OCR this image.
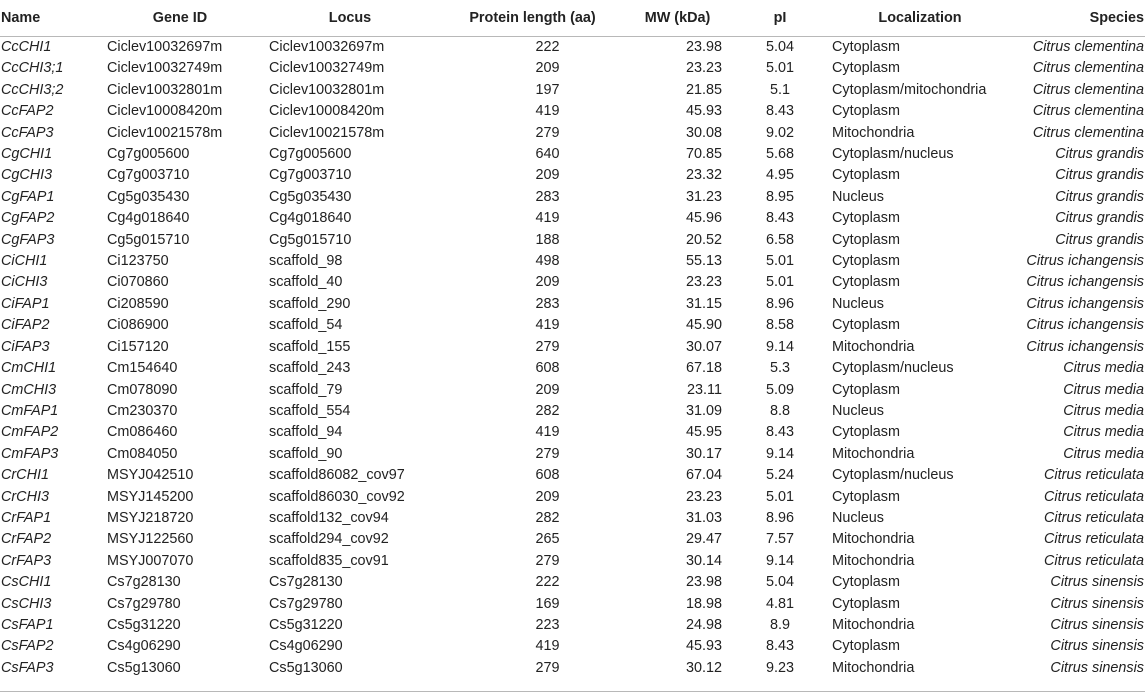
Name	Gene ID	Locus	Protein length (aa)	MW (kDa)	pI	Localization	Species
CcCHI1	Ciclev10032697m	Ciclev10032697m	222	23.98	5.04	Cytoplasm	Citrus clementina
CcCHI3;1	Ciclev10032749m	Ciclev10032749m	209	23.23	5.01	Cytoplasm	Citrus clementina
CcCHI3;2	Ciclev10032801m	Ciclev10032801m	197	21.85	5.1	Cytoplasm/mitochondria	Citrus clementina
CcFAP2	Ciclev10008420m	Ciclev10008420m	419	45.93	8.43	Cytoplasm	Citrus clementina
CcFAP3	Ciclev10021578m	Ciclev10021578m	279	30.08	9.02	Mitochondria	Citrus clementina
CgCHI1	Cg7g005600	Cg7g005600	640	70.85	5.68	Cytoplasm/nucleus	Citrus grandis
CgCHI3	Cg7g003710	Cg7g003710	209	23.32	4.95	Cytoplasm	Citrus grandis
CgFAP1	Cg5g035430	Cg5g035430	283	31.23	8.95	Nucleus	Citrus grandis
CgFAP2	Cg4g018640	Cg4g018640	419	45.96	8.43	Cytoplasm	Citrus grandis
CgFAP3	Cg5g015710	Cg5g015710	188	20.52	6.58	Cytoplasm	Citrus grandis
CiCHI1	Ci123750	scaffold_98	498	55.13	5.01	Cytoplasm	Citrus ichangensis
CiCHI3	Ci070860	scaffold_40	209	23.23	5.01	Cytoplasm	Citrus ichangensis
CiFAP1	Ci208590	scaffold_290	283	31.15	8.96	Nucleus	Citrus ichangensis
CiFAP2	Ci086900	scaffold_54	419	45.90	8.58	Cytoplasm	Citrus ichangensis
CiFAP3	Ci157120	scaffold_155	279	30.07	9.14	Mitochondria	Citrus ichangensis
CmCHI1	Cm154640	scaffold_243	608	67.18	5.3	Cytoplasm/nucleus	Citrus media
CmCHI3	Cm078090	scaffold_79	209	23.11	5.09	Cytoplasm	Citrus media
CmFAP1	Cm230370	scaffold_554	282	31.09	8.8	Nucleus	Citrus media
CmFAP2	Cm086460	scaffold_94	419	45.95	8.43	Cytoplasm	Citrus media
CmFAP3	Cm084050	scaffold_90	279	30.17	9.14	Mitochondria	Citrus media
CrCHI1	MSYJ042510	scaffold86082_cov97	608	67.04	5.24	Cytoplasm/nucleus	Citrus reticulata
CrCHI3	MSYJ145200	scaffold86030_cov92	209	23.23	5.01	Cytoplasm	Citrus reticulata
CrFAP1	MSYJ218720	scaffold132_cov94	282	31.03	8.96	Nucleus	Citrus reticulata
CrFAP2	MSYJ122560	scaffold294_cov92	265	29.47	7.57	Mitochondria	Citrus reticulata
CrFAP3	MSYJ007070	scaffold835_cov91	279	30.14	9.14	Mitochondria	Citrus reticulata
CsCHI1	Cs7g28130	Cs7g28130	222	23.98	5.04	Cytoplasm	Citrus sinensis
CsCHI3	Cs7g29780	Cs7g29780	169	18.98	4.81	Cytoplasm	Citrus sinensis
CsFAP1	Cs5g31220	Cs5g31220	223	24.98	8.9	Mitochondria	Citrus sinensis
CsFAP2	Cs4g06290	Cs4g06290	419	45.93	8.43	Cytoplasm	Citrus sinensis
CsFAP3	Cs5g13060	Cs5g13060	279	30.12	9.23	Mitochondria	Citrus sinensis
